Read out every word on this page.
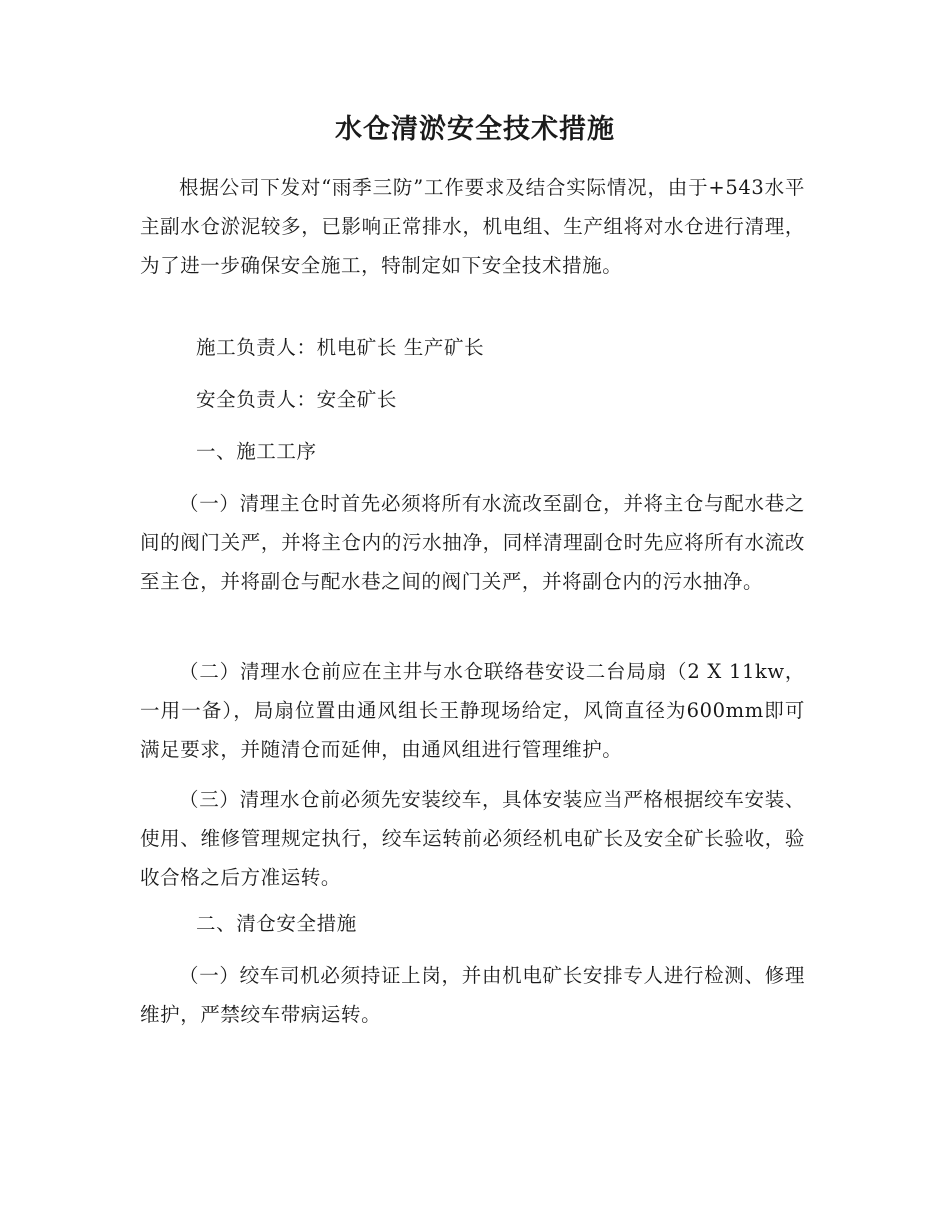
水仓清淤安全技术措施

根据公司下发对“雨季三防”工作要求及结合实际情况，由于+543水平主副水仓淤泥较多，已影响正常排水，机电组、生产组将对水仓进行清理，为了进一步确保安全施工，特制定如下安全技术措施。

施工负责人：机电矿长 生产矿长

安全负责人：安全矿长

一、施工工序

（一）清理主仓时首先必须将所有水流改至副仓，并将主仓与配水巷之间的阀门关严，并将主仓内的污水抽净，同样清理副仓时先应将所有水流改至主仓，并将副仓与配水巷之间的阀门关严，并将副仓内的污水抽净。

（二）清理水仓前应在主井与水仓联络巷安设二台局扇（2 X 11kw，一用一备），局扇位置由通风组长王静现场给定，风筒直径为600mm即可满足要求，并随清仓而延伸，由通风组进行管理维护。

（三）清理水仓前必须先安装绞车，具体安装应当严格根据绞车安装、使用、维修管理规定执行，绞车运转前必须经机电矿长及安全矿长验收，验收合格之后方准运转。

二、清仓安全措施

（一）绞车司机必须持证上岗，并由机电矿长安排专人进行检测、修理维护，严禁绞车带病运转。
